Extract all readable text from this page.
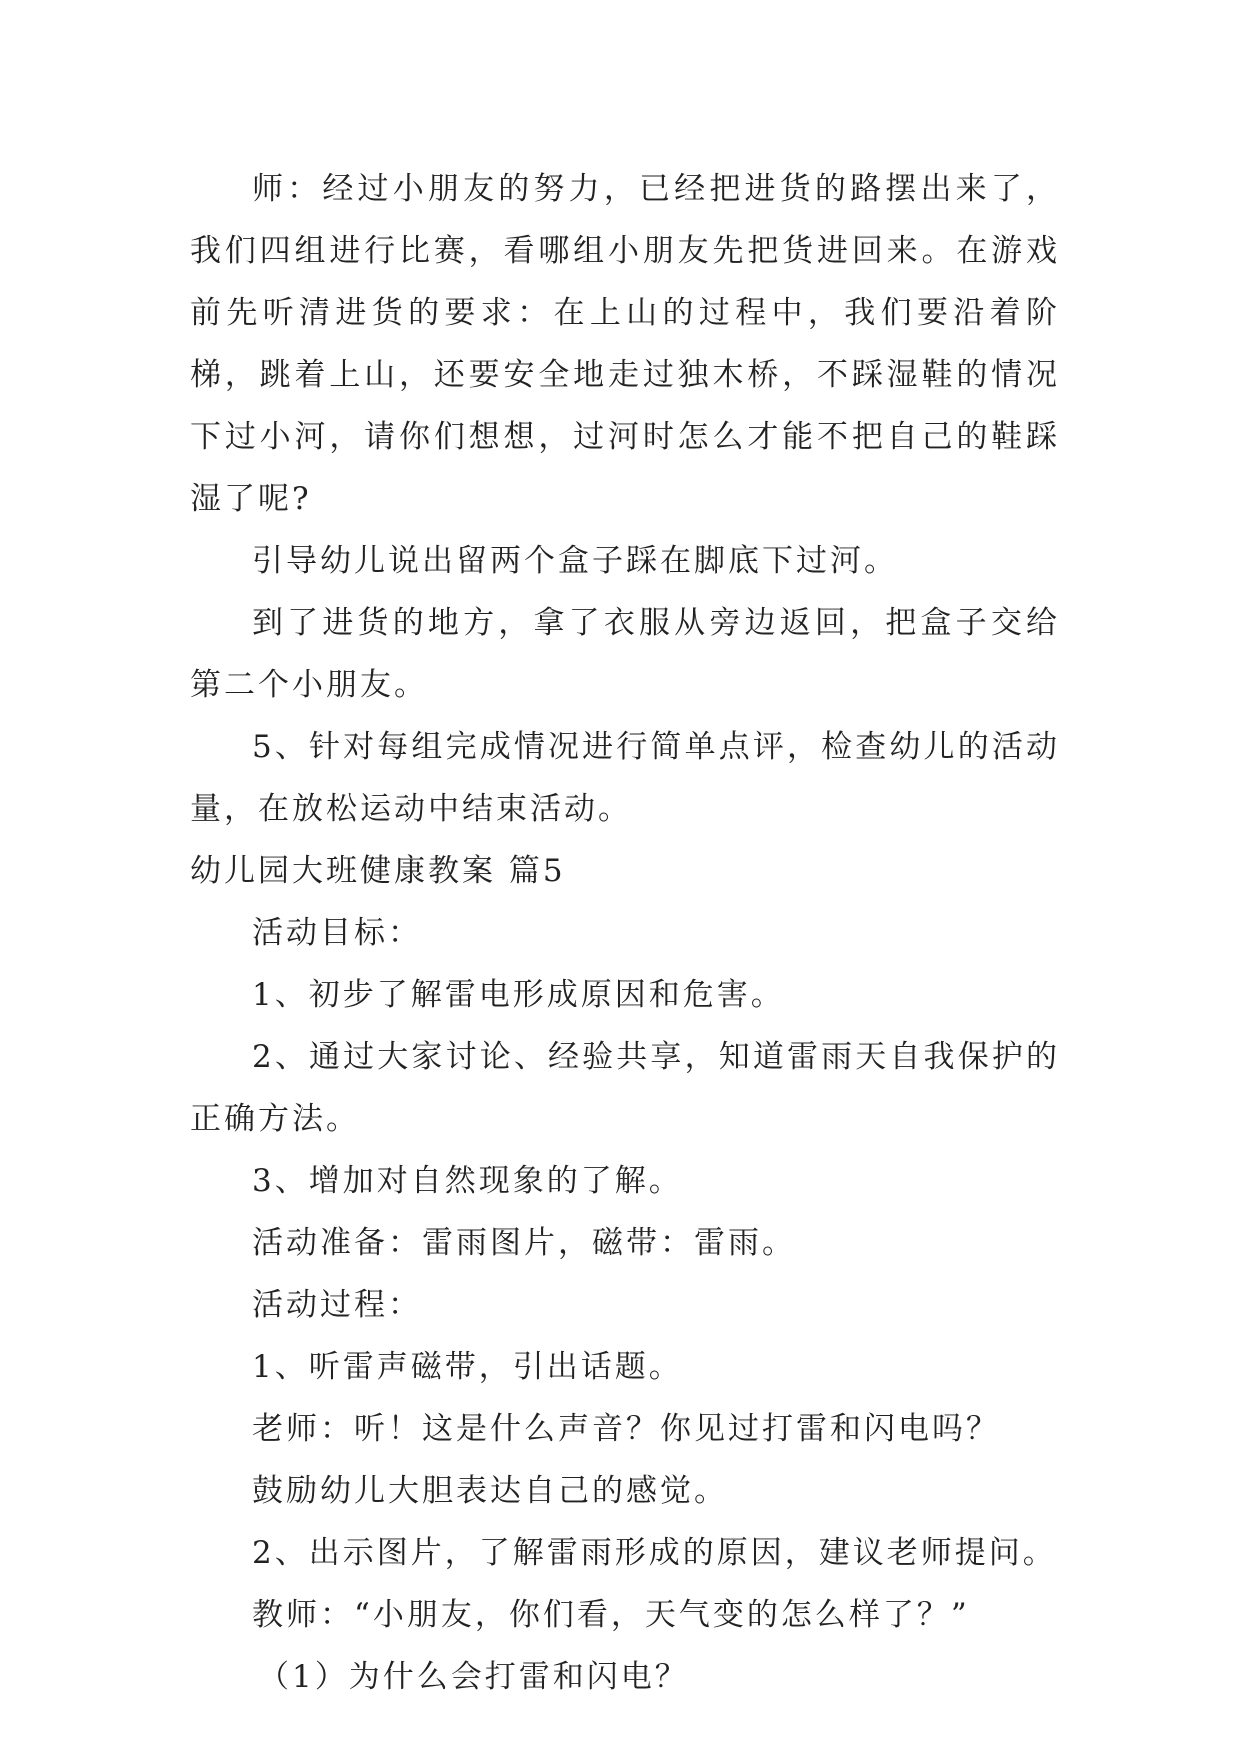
师：经过小朋友的努力，已经把进货的路摆出来了，我们四组进行比赛，看哪组小朋友先把货进回来。在游戏前先听清进货的要求：在上山的过程中，我们要沿着阶梯，跳着上山，还要安全地走过独木桥，不踩湿鞋的情况下过小河，请你们想想，过河时怎么才能不把自己的鞋踩湿了呢?

引导幼儿说出留两个盒子踩在脚底下过河。

到了进货的地方，拿了衣服从旁边返回，把盒子交给第二个小朋友。

5、针对每组完成情况进行简单点评，检查幼儿的活动量，在放松运动中结束活动。

幼儿园大班健康教案 篇5

活动目标：

1、初步了解雷电形成原因和危害。

2、通过大家讨论、经验共享，知道雷雨天自我保护的正确方法。

3、增加对自然现象的了解。

活动准备：雷雨图片，磁带：雷雨。

活动过程：

1、听雷声磁带，引出话题。

老师：听！这是什么声音？你见过打雷和闪电吗？

鼓励幼儿大胆表达自己的感觉。

2、出示图片，了解雷雨形成的原因，建议老师提问。

教师：“小朋友，你们看，天气变的怎么样了？”

（1）为什么会打雷和闪电？
